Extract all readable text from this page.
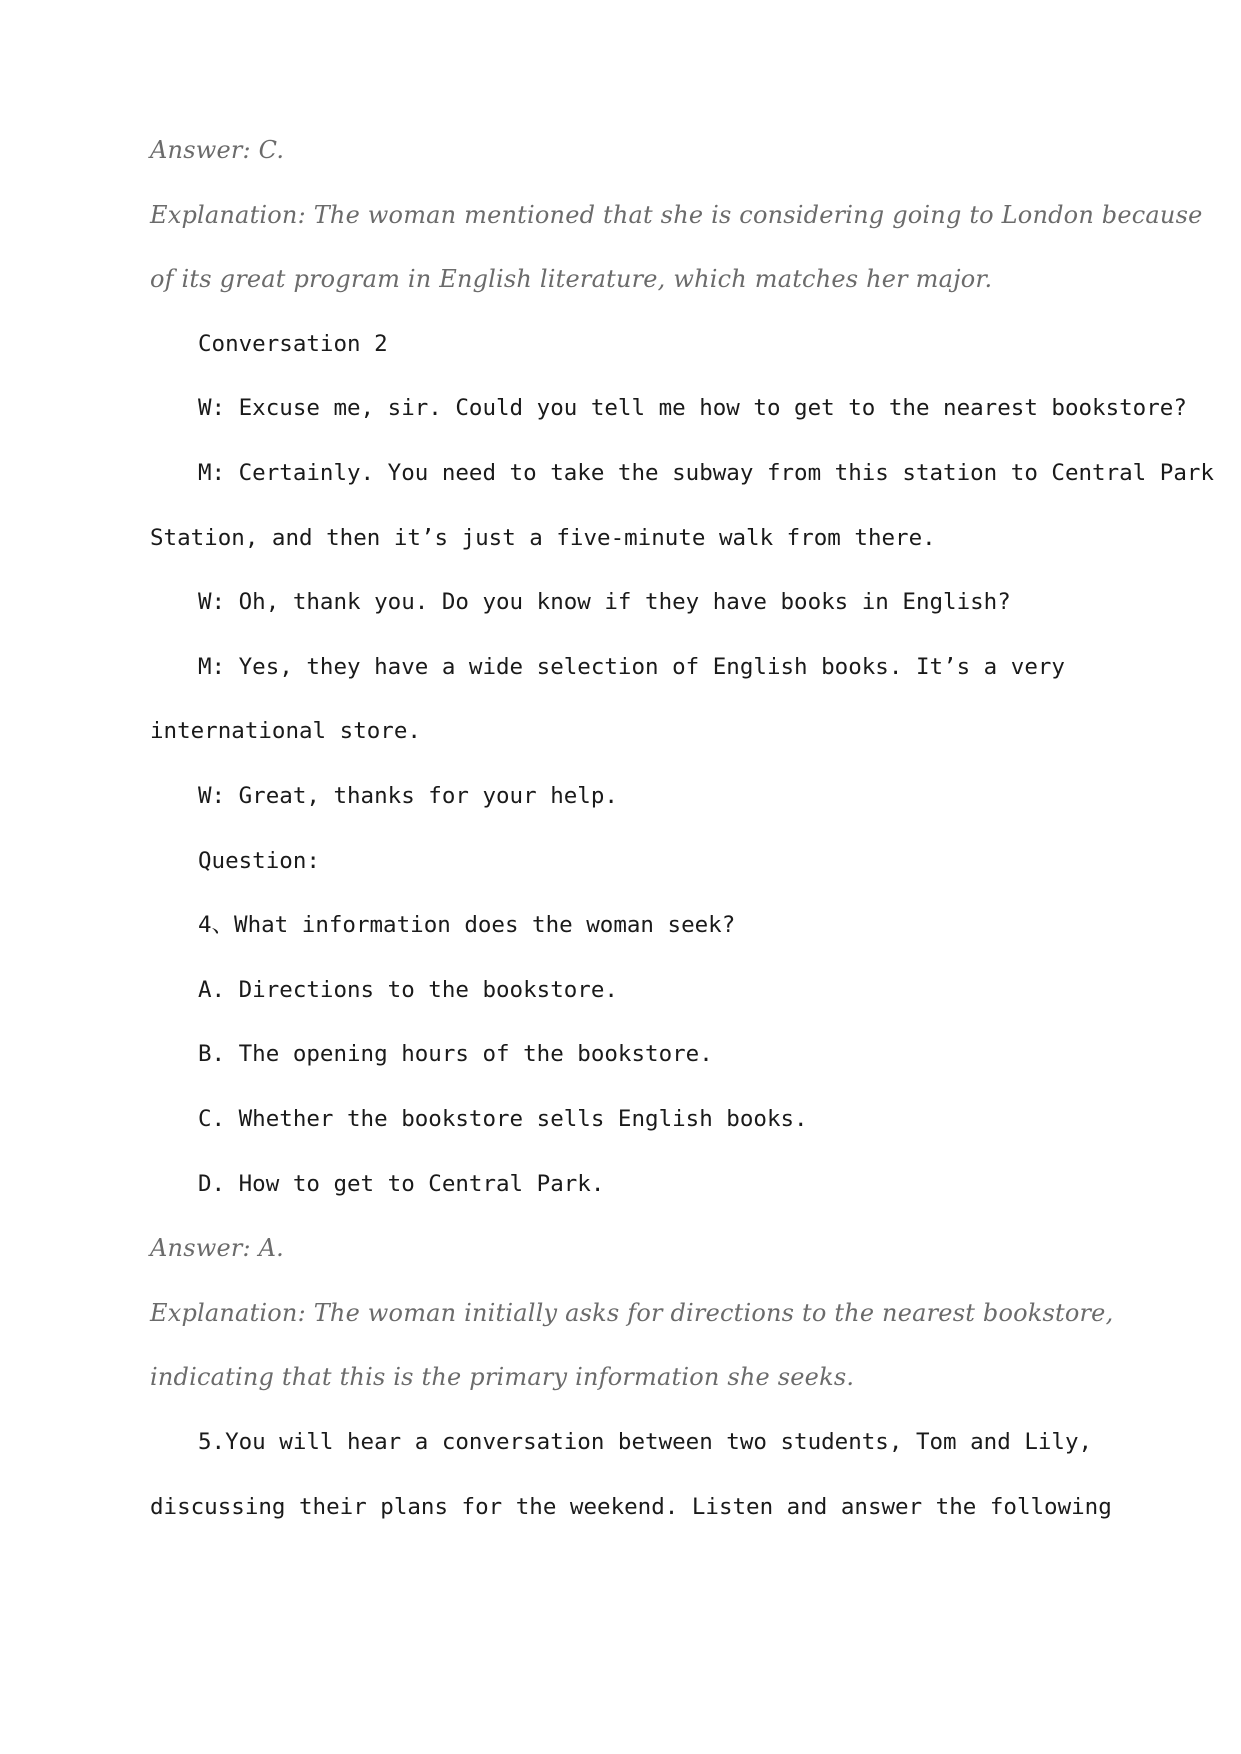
Answer: C.
Explanation: The woman mentioned that she is considering going to London because
of its great program in English literature, which matches her major.
Conversation 2
W: Excuse me, sir. Could you tell me how to get to the nearest bookstore?
M: Certainly. You need to take the subway from this station to Central Park
Station, and then it’s just a five-minute walk from there.
W: Oh, thank you. Do you know if they have books in English?
M: Yes, they have a wide selection of English books. It’s a very
international store.
W: Great, thanks for your help.
Question:
4、What information does the woman seek?
A. Directions to the bookstore.
B. The opening hours of the bookstore.
C. Whether the bookstore sells English books.
D. How to get to Central Park.
Answer: A.
Explanation: The woman initially asks for directions to the nearest bookstore,
indicating that this is the primary information she seeks.
5.You will hear a conversation between two students, Tom and Lily,
discussing their plans for the weekend. Listen and answer the following
